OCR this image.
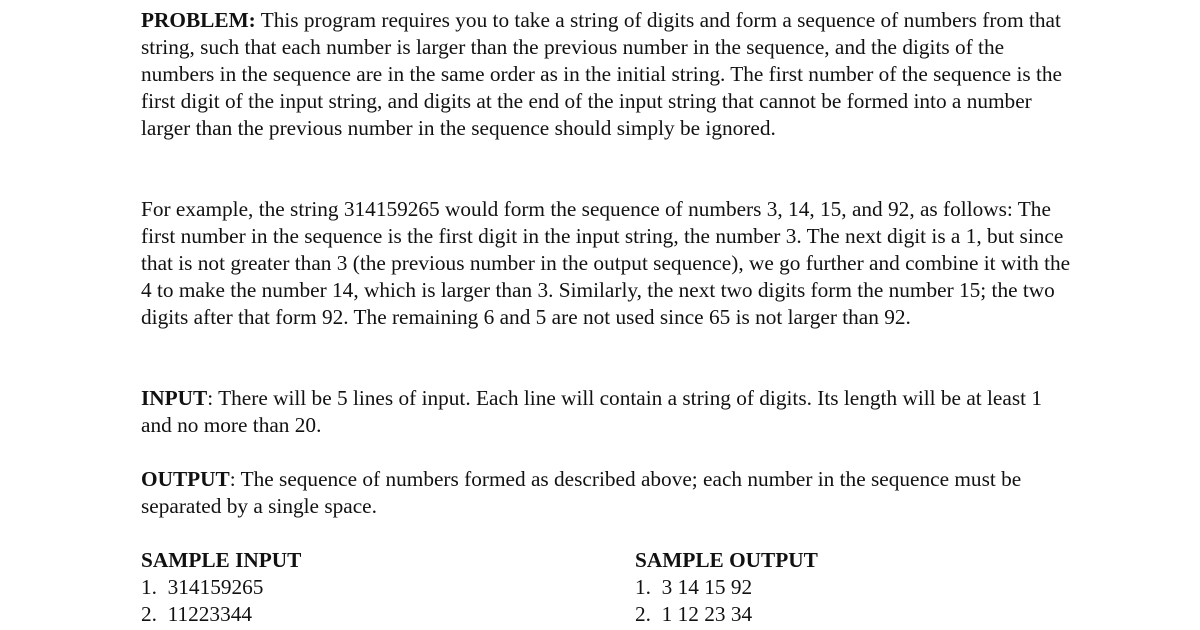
PROBLEM: This program requires you to take a string of digits and form a sequence of numbers from that string, such that each number is larger than the previous number in the sequence, and the digits of the numbers in the sequence are in the same order as in the initial string. The first number of the sequence is the first digit of the input string, and digits at the end of the input string that cannot be formed into a number larger than the previous number in the sequence should simply be ignored.

For example, the string 314159265 would form the sequence of numbers 3, 14, 15, and 92, as follows: The first number in the sequence is the first digit in the input string, the number 3. The next digit is a 1, but since that is not greater than 3 (the previous number in the output sequence), we go further and combine it with the 4 to make the number 14, which is larger than 3. Similarly, the next two digits form the number 15; the two digits after that form 92. The remaining 6 and 5 are not used since 65 is not larger than 92.

INPUT: There will be 5 lines of input. Each line will contain a string of digits. Its length will be at least 1 and no more than 20.

OUTPUT: The sequence of numbers formed as described above; each number in the sequence must be separated by a single space.

SAMPLE INPUT
1.  314159265
2.  11223344
SAMPLE OUTPUT
1.  3 14 15 92
2.  1 12 23 34
